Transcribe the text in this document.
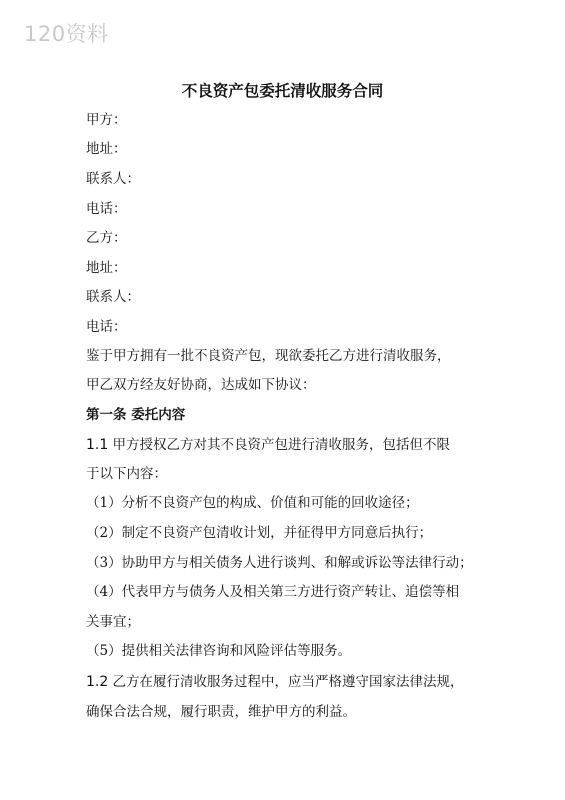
120资料
不良资产包委托清收服务合同
甲方：
地址：
联系人：
电话：
乙方：
地址：
联系人：
电话：
鉴于甲方拥有一批不良资产包，现欲委托乙方进行清收服务，
甲乙双方经友好协商，达成如下协议：
第一条 委托内容
1.1 甲方授权乙方对其不良资产包进行清收服务，包括但不限
于以下内容：
（1）分析不良资产包的构成、价值和可能的回收途径；
（2）制定不良资产包清收计划，并征得甲方同意后执行；
（3）协助甲方与相关债务人进行谈判、和解或诉讼等法律行动；
（4）代表甲方与债务人及相关第三方进行资产转让、追偿等相
关事宜；
（5）提供相关法律咨询和风险评估等服务。
1.2 乙方在履行清收服务过程中，应当严格遵守国家法律法规，
确保合法合规，履行职责，维护甲方的利益。
